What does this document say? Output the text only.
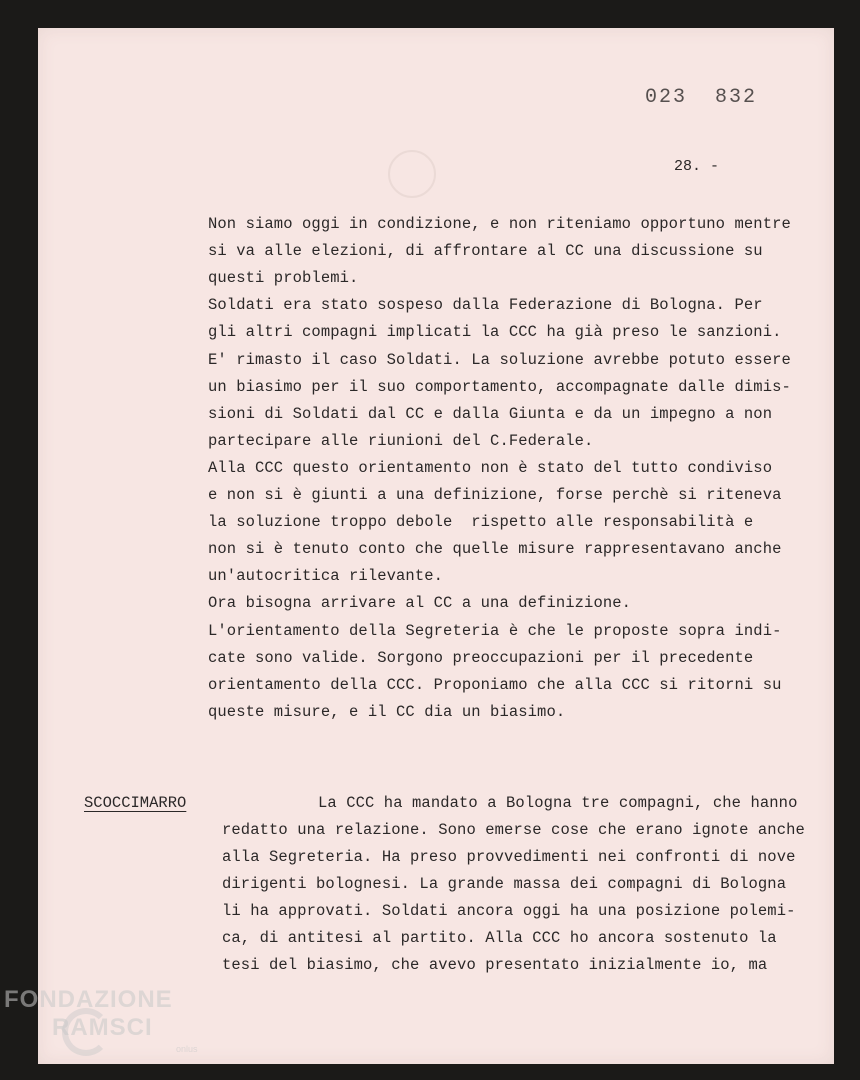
023  832
28. -
Non siamo oggi in condizione, e non riteniamo opportuno mentre
si va alle elezioni, di affrontare al CC una discussione su
questi problemi.
Soldati era stato sospeso dalla Federazione di Bologna. Per
gli altri compagni implicati la CCC ha già preso le sanzioni.
E' rimasto il caso Soldati. La soluzione avrebbe potuto essere
un biasimo per il suo comportamento, accompagnate dalle dimis-
sioni di Soldati dal CC e dalla Giunta e da un impegno a non
partecipare alle riunioni del C.Federale.
Alla CCC questo orientamento non è stato del tutto condiviso
e non si è giunti a una definizione, forse perchè si riteneva
la soluzione troppo debole  rispetto alle responsabilità e
non si è tenuto conto che quelle misure rappresentavano anche
un'autocritica rilevante.
Ora bisogna arrivare al CC a una definizione.
L'orientamento della Segreteria è che le proposte sopra indi-
cate sono valide. Sorgono preoccupazioni per il precedente
orientamento della CCC. Proponiamo che alla CCC si ritorni su
queste misure, e il CC dia un biasimo.
SCOCCIMARRO	La CCC ha mandato a Bologna tre compagni, che hanno
redatto una relazione. Sono emerse cose che erano ignote anche
alla Segreteria. Ha preso provvedimenti nei confronti di nove
dirigenti bolognesi. La grande massa dei compagni di Bologna
li ha approvati. Soldati ancora oggi ha una posizione polemi-
ca, di antitesi al partito. Alla CCC ho ancora sostenuto la
tesi del biasimo, che avevo presentato inizialmente io, ma
FONDAZIONE
RAMSCI
onlus
